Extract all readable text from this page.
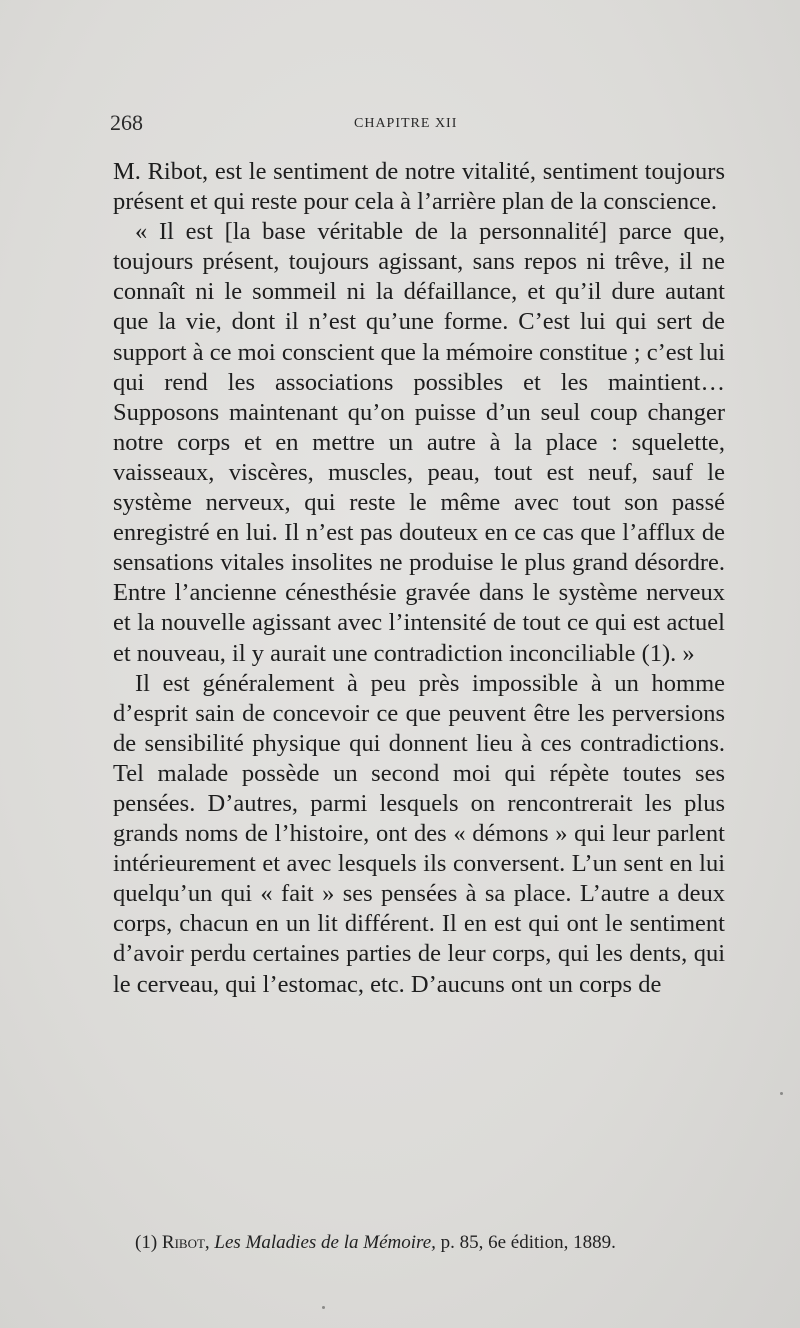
268	CHAPITRE XII

M. Ribot, est le sentiment de notre vitalité, sentiment toujours présent et qui reste pour cela à l’arrière plan de la conscience.

« Il est [la base véritable de la personnalité] parce que, toujours présent, toujours agissant, sans repos ni trêve, il ne connaît ni le sommeil ni la défaillance, et qu’il dure autant que la vie, dont il n’est qu’une forme. C’est lui qui sert de support à ce moi conscient que la mémoire constitue ; c’est lui qui rend les associations possibles et les maintient… Supposons maintenant qu’on puisse d’un seul coup changer notre corps et en mettre un autre à la place : squelette, vaisseaux, viscères, muscles, peau, tout est neuf, sauf le système nerveux, qui reste le même avec tout son passé enregistré en lui. Il n’est pas douteux en ce cas que l’afflux de sensations vitales insolites ne produise le plus grand désordre. Entre l’ancienne cénesthésie gravée dans le système nerveux et la nouvelle agissant avec l’intensité de tout ce qui est actuel et nouveau, il y aurait une contradiction inconciliable (1). »

Il est généralement à peu près impossible à un homme d’esprit sain de concevoir ce que peuvent être les perversions de sensibilité physique qui donnent lieu à ces contradictions. Tel malade possède un second moi qui répète toutes ses pensées. D’autres, parmi lesquels on rencontrerait les plus grands noms de l’histoire, ont des « démons » qui leur parlent intérieurement et avec lesquels ils conversent. L’un sent en lui quelqu’un qui « fait » ses pensées à sa place. L’autre a deux corps, chacun en un lit différent. Il en est qui ont le sentiment d’avoir perdu certaines parties de leur corps, qui les dents, qui le cerveau, qui l’estomac, etc. D’aucuns ont un corps de

(1) Ribot, Les Maladies de la Mémoire, p. 85, 6e édition, 1889.
